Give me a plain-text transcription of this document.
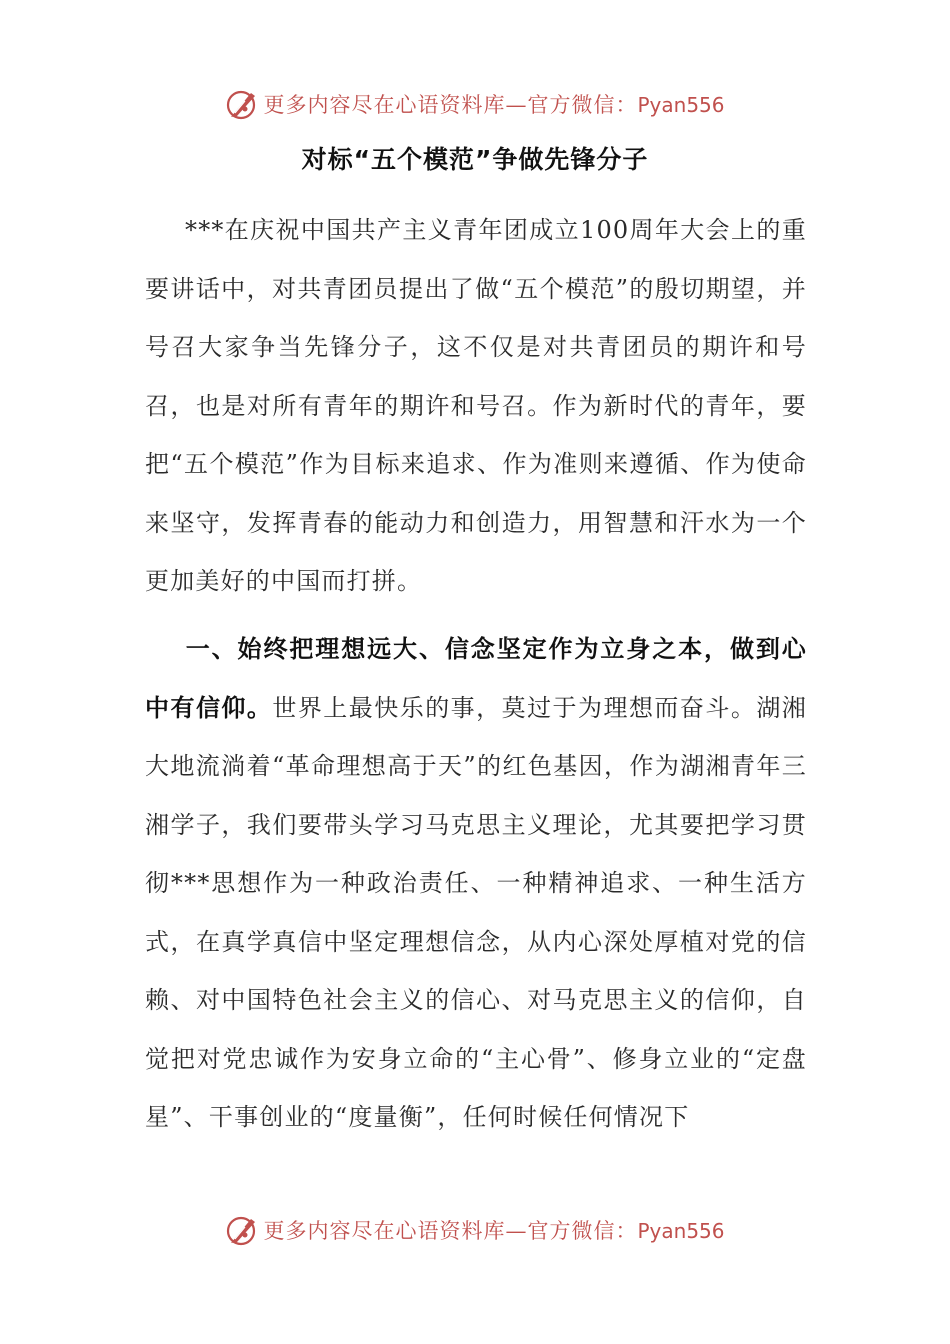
更多内容尽在心语资料库—官方微信：Pyan556
对标“五个模范”争做先锋分子

***在庆祝中国共产主义青年团成立100周年大会上的重要讲话中，对共青团员提出了做“五个模范”的殷切期望，并号召大家争当先锋分子，这不仅是对共青团员的期许和号召，也是对所有青年的期许和号召。作为新时代的青年，要把“五个模范”作为目标来追求、作为准则来遵循、作为使命来坚守，发挥青春的能动力和创造力，用智慧和汗水为一个更加美好的中国而打拼。

一、始终把理想远大、信念坚定作为立身之本，做到心中有信仰。世界上最快乐的事，莫过于为理想而奋斗。湖湘大地流淌着“革命理想高于天”的红色基因，作为湖湘青年三湘学子，我们要带头学习马克思主义理论，尤其要把学习贯彻***思想作为一种政治责任、一种精神追求、一种生活方式，在真学真信中坚定理想信念，从内心深处厚植对党的信赖、对中国特色社会主义的信心、对马克思主义的信仰，自觉把对党忠诚作为安身立命的“主心骨”、修身立业的“定盘星”、干事创业的“度量衡”，任何时候任何情况下

更多内容尽在心语资料库—官方微信：Pyan556
